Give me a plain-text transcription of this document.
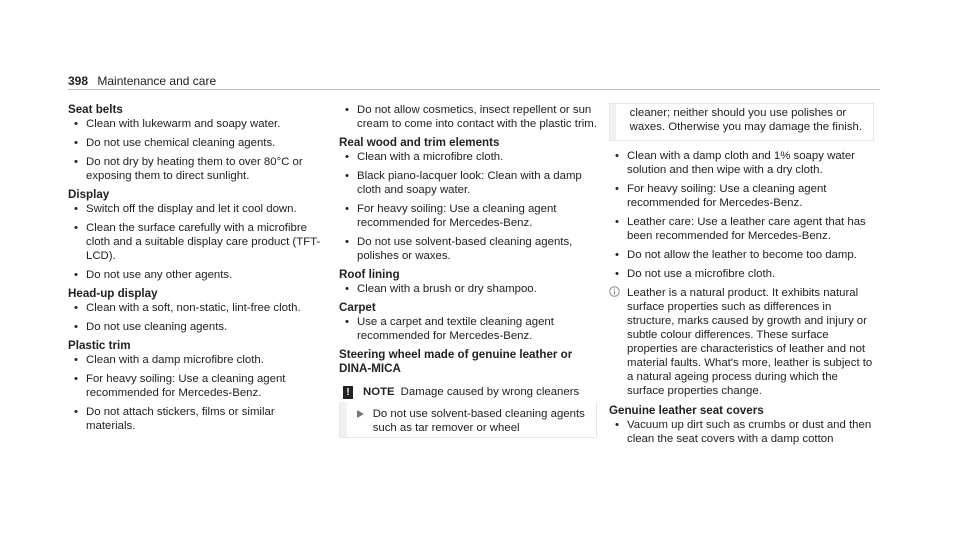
398 Maintenance and care

Seat belts

• Clean with lukewarm and soapy water.
• Do not use chemical cleaning agents.
• Do not dry by heating them to over 80°C or exposing them to direct sunlight.

Display

• Switch off the display and let it cool down.
• Clean the surface carefully with a microfibre cloth and a suitable display care product (TFT-LCD).
• Do not use any other agents.

Head-up display

• Clean with a soft, non-static, lint-free cloth.
• Do not use cleaning agents.

Plastic trim

• Clean with a damp microfibre cloth.
• For heavy soiling: Use a cleaning agent recommended for Mercedes-Benz.
• Do not attach stickers, films or similar materials.
• Do not allow cosmetics, insect repellent or sun cream to come into contact with the plastic trim.

Real wood and trim elements

• Clean with a microfibre cloth.
• Black piano-lacquer look: Clean with a damp cloth and soapy water.
• For heavy soiling: Use a cleaning agent recommended for Mercedes-Benz.
• Do not use solvent-based cleaning agents, polishes or waxes.

Roof lining

• Clean with a brush or dry shampoo.

Carpet

• Use a carpet and textile cleaning agent recommended for Mercedes-Benz.

Steering wheel made of genuine leather or DINA-MICA

! NOTE Damage caused by wrong cleaners
Do not use solvent-based cleaning agents such as tar remover or wheel
cleaner; neither should you use polishes or waxes. Otherwise you may damage the finish.
• Clean with a damp cloth and 1% soapy water solution and then wipe with a dry cloth.
• For heavy soiling: Use a cleaning agent recommended for Mercedes-Benz.
• Leather care: Use a leather care agent that has been recommended for Mercedes-Benz.
• Do not allow the leather to become too damp.
• Do not use a microfibre cloth.
Leather is a natural product. It exhibits natural surface properties such as differences in structure, marks caused by growth and injury or subtle colour differences. These surface properties are characteristics of leather and not material faults. What's more, leather is subject to a natural ageing process during which the surface properties change.

Genuine leather seat covers

• Vacuum up dirt such as crumbs or dust and then clean the seat covers with a damp cotton
